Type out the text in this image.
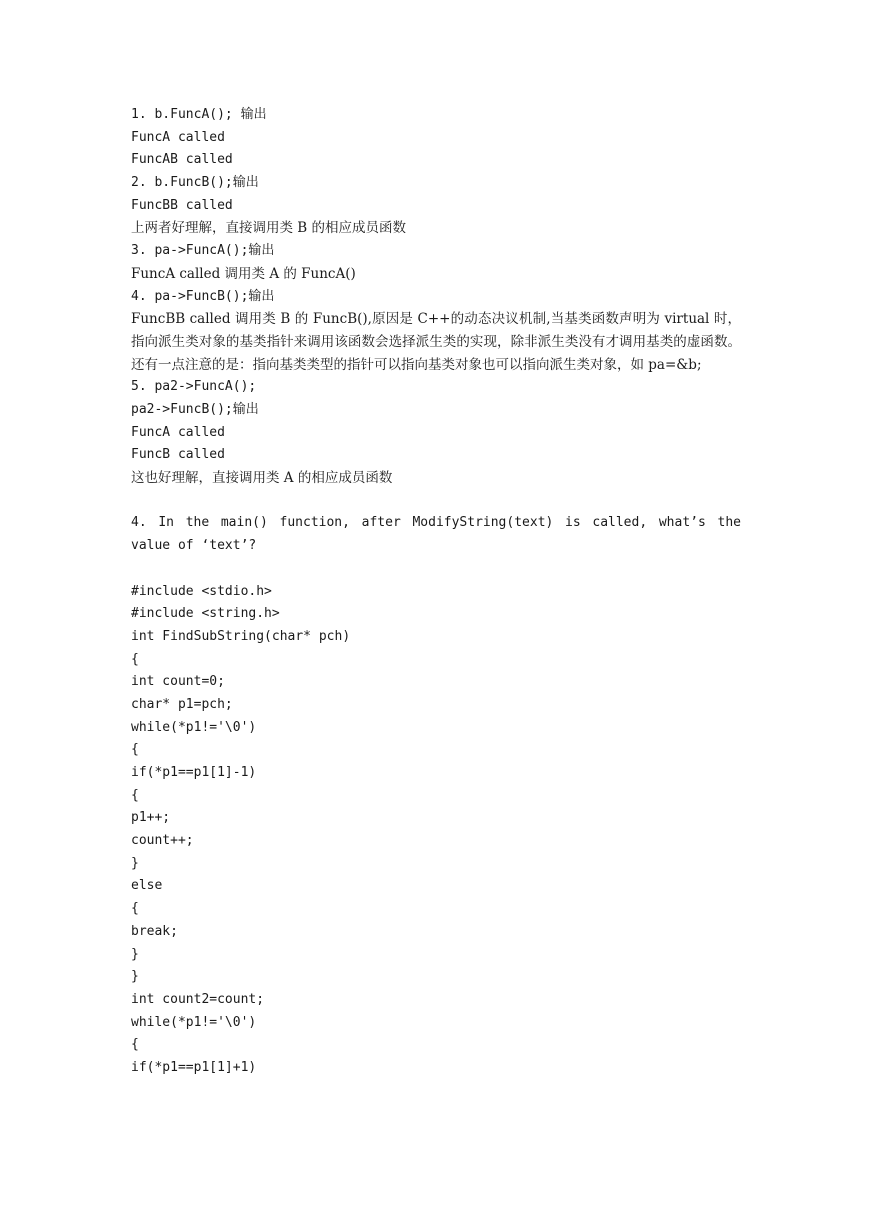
1. b.FuncA(); 输出
FuncA called
FuncAB called
2. b.FuncB();输出
FuncBB called
上两者好理解，直接调用类 B 的相应成员函数
3. pa->FuncA();输出
FuncA called 调用类 A 的 FuncA()
4. pa->FuncB();输出
FuncBB called 调用类 B 的 FuncB(),原因是 C++的动态决议机制,当基类函数声明为 virtual 时，指向派生类对象的基类指针来调用该函数会选择派生类的实现，除非派生类没有才调用基类的虚函数。还有一点注意的是：指向基类类型的指针可以指向基类对象也可以指向派生类对象，如 pa=&b;
5. pa2->FuncA();
pa2->FuncB();输出
FuncA called
FuncB called
这也好理解，直接调用类 A 的相应成员函数
4. In the main() function, after ModifyString(text) is called, what’s the value of ‘text’?
#include <stdio.h>
#include <string.h>
int FindSubString(char* pch)
{
int count=0;
char* p1=pch;
while(*p1!='\0')
{
if(*p1==p1[1]-1)
{
p1++;
count++;
}
else
{
break;
}
}
int count2=count;
while(*p1!='\0')
{
if(*p1==p1[1]+1)
